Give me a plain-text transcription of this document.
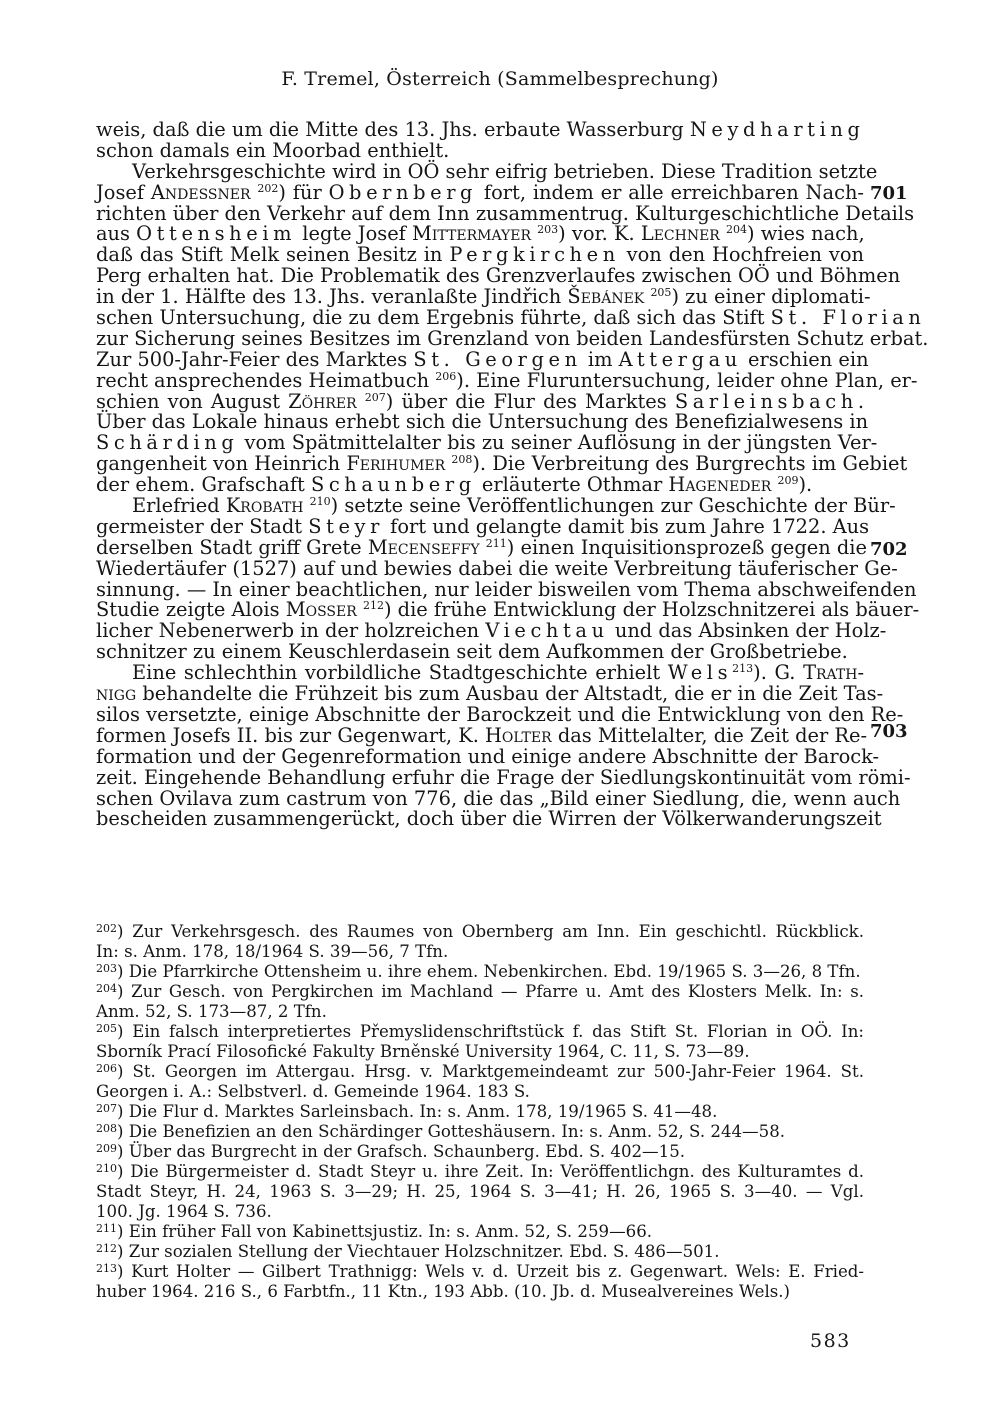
F. Tremel, Österreich (Sammelbesprechung)
weis, daß die um die Mitte des 13. Jhs. erbaute Wasserburg Neydharting
schon damals ein Moorbad enthielt.
Verkehrsgeschichte wird in OÖ sehr eifrig betrieben. Diese Tradition setzte
Josef Andessner $^{202}$) für Obernberg fort, indem er alle erreichbaren Nach-
richten über den Verkehr auf dem Inn zusammentrug. Kulturgeschichtliche Details
aus Ottensheim legte Josef Mittermayer $^{203}$) vor. K. Lechner $^{204}$) wies nach,
daß das Stift Melk seinen Besitz in Pergkirchen von den Hochfreien von
Perg erhalten hat. Die Problematik des Grenzverlaufes zwischen OÖ und Böhmen
in der 1. Hälfte des 13. Jhs. veranlaßte Jindřich Šebánek $^{205}$) zu einer diplomati-
schen Untersuchung, die zu dem Ergebnis führte, daß sich das Stift St. Florian
zur Sicherung seines Besitzes im Grenzland von beiden Landesfürsten Schutz erbat.
Zur 500-Jahr-Feier des Marktes St. Georgen im Attergau erschien ein
recht ansprechendes Heimatbuch $^{206}$). Eine Fluruntersuchung, leider ohne Plan, er-
schien von August Zöhrer $^{207}$) über die Flur des Marktes Sarleinsbach.
Über das Lokale hinaus erhebt sich die Untersuchung des Benefizialwesens in
Schärding vom Spätmittelalter bis zu seiner Auflösung in der jüngsten Ver-
gangenheit von Heinrich Ferihumer $^{208}$). Die Verbreitung des Burgrechts im Gebiet
der ehem. Grafschaft Schaunberg erläuterte Othmar Hageneder $^{209}$).
Erlefried Krobath $^{210}$) setzte seine Veröffentlichungen zur Geschichte der Bür-
germeister der Stadt Steyr fort und gelangte damit bis zum Jahre 1722. Aus
derselben Stadt griff Grete Mecenseffy $^{211}$) einen Inquisitionsprozeß gegen die
Wiedertäufer (1527) auf und bewies dabei die weite Verbreitung täuferischer Ge-
sinnung. — In einer beachtlichen, nur leider bisweilen vom Thema abschweifenden
Studie zeigte Alois Mosser $^{212}$) die frühe Entwicklung der Holzschnitzerei als bäuer-
licher Nebenerwerb in der holzreichen Viechtau und das Absinken der Holz-
schnitzer zu einem Keuschlerdasein seit dem Aufkommen der Großbetriebe.
Eine schlechthin vorbildliche Stadtgeschichte erhielt Wels$^{213}$). G. Trath-
nigg behandelte die Frühzeit bis zum Ausbau der Altstadt, die er in die Zeit Tas-
silos versetzte, einige Abschnitte der Barockzeit und die Entwicklung von den Re-
formen Josefs II. bis zur Gegenwart, K. Holter das Mittelalter, die Zeit der Re-
formation und der Gegenreformation und einige andere Abschnitte der Barock-
zeit. Eingehende Behandlung erfuhr die Frage der Siedlungskontinuität vom römi-
schen Ovilava zum castrum von 776, die das „Bild einer Siedlung, die, wenn auch
bescheiden zusammengerückt, doch über die Wirren der Völkerwanderungszeit
701
702
703
$^{202}$) Zur Verkehrsgesch. des Raumes von Obernberg am Inn. Ein geschichtl. Rückblick.
In: s. Anm. 178, 18/1964 S. 39—56, 7 Tfn.
$^{203}$) Die Pfarrkirche Ottensheim u. ihre ehem. Nebenkirchen. Ebd. 19/1965 S. 3—26, 8 Tfn.
$^{204}$) Zur Gesch. von Pergkirchen im Machland — Pfarre u. Amt des Klosters Melk. In: s.
Anm. 52, S. 173—87, 2 Tfn.
$^{205}$) Ein falsch interpretiertes Přemyslidenschriftstück f. das Stift St. Florian in OÖ. In:
Sborník Prací Filosofické Fakulty Brněnské University 1964, C. 11, S. 73—89.
$^{206}$) St. Georgen im Attergau. Hrsg. v. Marktgemeindeamt zur 500-Jahr-Feier 1964. St.
Georgen i. A.: Selbstverl. d. Gemeinde 1964. 183 S.
$^{207}$) Die Flur d. Marktes Sarleinsbach. In: s. Anm. 178, 19/1965 S. 41—48.
$^{208}$) Die Benefizien an den Schärdinger Gotteshäusern. In: s. Anm. 52, S. 244—58.
$^{209}$) Über das Burgrecht in der Grafsch. Schaunberg. Ebd. S. 402—15.
$^{210}$) Die Bürgermeister d. Stadt Steyr u. ihre Zeit. In: Veröffentlichgn. des Kulturamtes d.
Stadt Steyr, H. 24, 1963 S. 3—29; H. 25, 1964 S. 3—41; H. 26, 1965 S. 3—40. — Vgl.
100. Jg. 1964 S. 736.
$^{211}$) Ein früher Fall von Kabinettsjustiz. In: s. Anm. 52, S. 259—66.
$^{212}$) Zur sozialen Stellung der Viechtauer Holzschnitzer. Ebd. S. 486—501.
$^{213}$) Kurt Holter — Gilbert Trathnigg: Wels v. d. Urzeit bis z. Gegenwart. Wels: E. Fried-
huber 1964. 216 S., 6 Farbtfn., 11 Ktn., 193 Abb. (10. Jb. d. Musealvereines Wels.)
583
